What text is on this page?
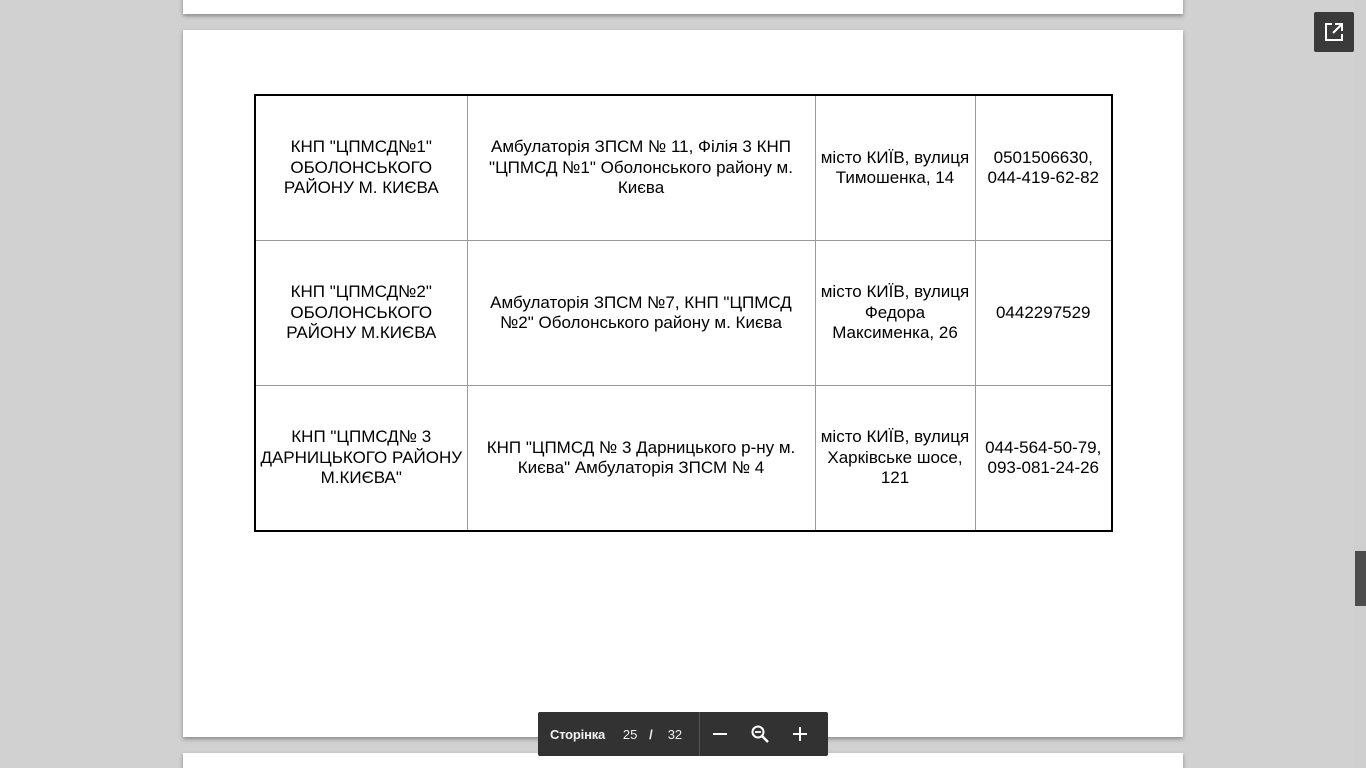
КНП "ЦПМСД№1" ОБОЛОНСЬКОГО РАЙОНУ М. КИЄВА	Амбулаторія ЗПСМ № 11, Філія 3 КНП "ЦПМСД №1" Оболонського району м. Києва	місто КИЇВ, вулиця Тимошенка, 14	0501506630, 044-419-62-82
КНП "ЦПМСД№2" ОБОЛОНСЬКОГО РАЙОНУ М.КИЄВА	Амбулаторія ЗПСМ №7, КНП "ЦПМСД №2" Оболонського району м. Києва	місто КИЇВ, вулиця Федора Максименка, 26	0442297529
КНП "ЦПМСД№ 3 ДАРНИЦЬКОГО РАЙОНУ М.КИЄВА"	КНП "ЦПМСД № 3 Дарницького р-ну м. Києва" Амбулаторія ЗПСМ № 4	місто КИЇВ, вулиця Харківське шосе, 121	044-564-50-79, 093-081-24-26
Сторінка 25 / 32
